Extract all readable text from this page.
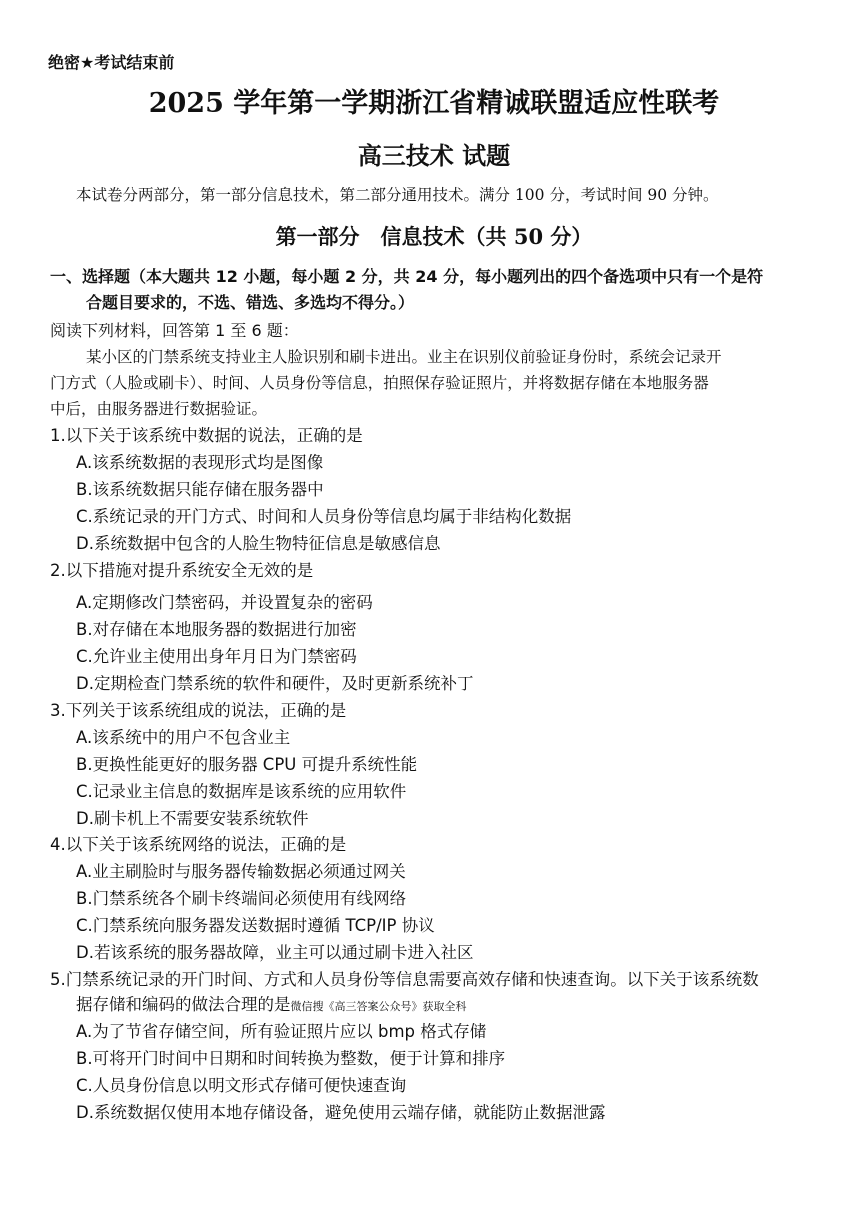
绝密★考试结束前
2025 学年第一学期浙江省精诚联盟适应性联考
高三技术 试题
本试卷分两部分，第一部分信息技术，第二部分通用技术。满分 100 分，考试时间 90 分钟。
第一部分　信息技术（共 50 分）
一、选择题（本大题共 12 小题，每小题 2 分，共 24 分，每小题列出的四个备选项中只有一个是符
合题目要求的，不选、错选、多选均不得分。）
阅读下列材料，回答第 1 至 6 题：
某小区的门禁系统支持业主人脸识别和刷卡进出。业主在识别仪前验证身份时，系统会记录开
门方式（人脸或刷卡）、时间、人员身份等信息，拍照保存验证照片，并将数据存储在本地服务器
中后，由服务器进行数据验证。
1.以下关于该系统中数据的说法，正确的是
A.该系统数据的表现形式均是图像
B.该系统数据只能存储在服务器中
C.系统记录的开门方式、时间和人员身份等信息均属于非结构化数据
D.系统数据中包含的人脸生物特征信息是敏感信息
2.以下措施对提升系统安全无效的是
A.定期修改门禁密码，并设置复杂的密码
B.对存储在本地服务器的数据进行加密
C.允许业主使用出身年月日为门禁密码
D.定期检查门禁系统的软件和硬件，及时更新系统补丁
3.下列关于该系统组成的说法，正确的是
A.该系统中的用户不包含业主
B.更换性能更好的服务器 CPU 可提升系统性能
C.记录业主信息的数据库是该系统的应用软件
D.刷卡机上不需要安装系统软件
4.以下关于该系统网络的说法，正确的是
A.业主刷脸时与服务器传输数据必须通过网关
B.门禁系统各个刷卡终端间必须使用有线网络
C.门禁系统向服务器发送数据时遵循 TCP/IP 协议
D.若该系统的服务器故障，业主可以通过刷卡进入社区
5.门禁系统记录的开门时间、方式和人员身份等信息需要高效存储和快速查询。以下关于该系统数
据存储和编码的做法合理的是微信搜《高三答案公众号》获取全科
A.为了节省存储空间，所有验证照片应以 bmp 格式存储
B.可将开门时间中日期和时间转换为整数，便于计算和排序
C.人员身份信息以明文形式存储可便快速查询
D.系统数据仅使用本地存储设备，避免使用云端存储，就能防止数据泄露
